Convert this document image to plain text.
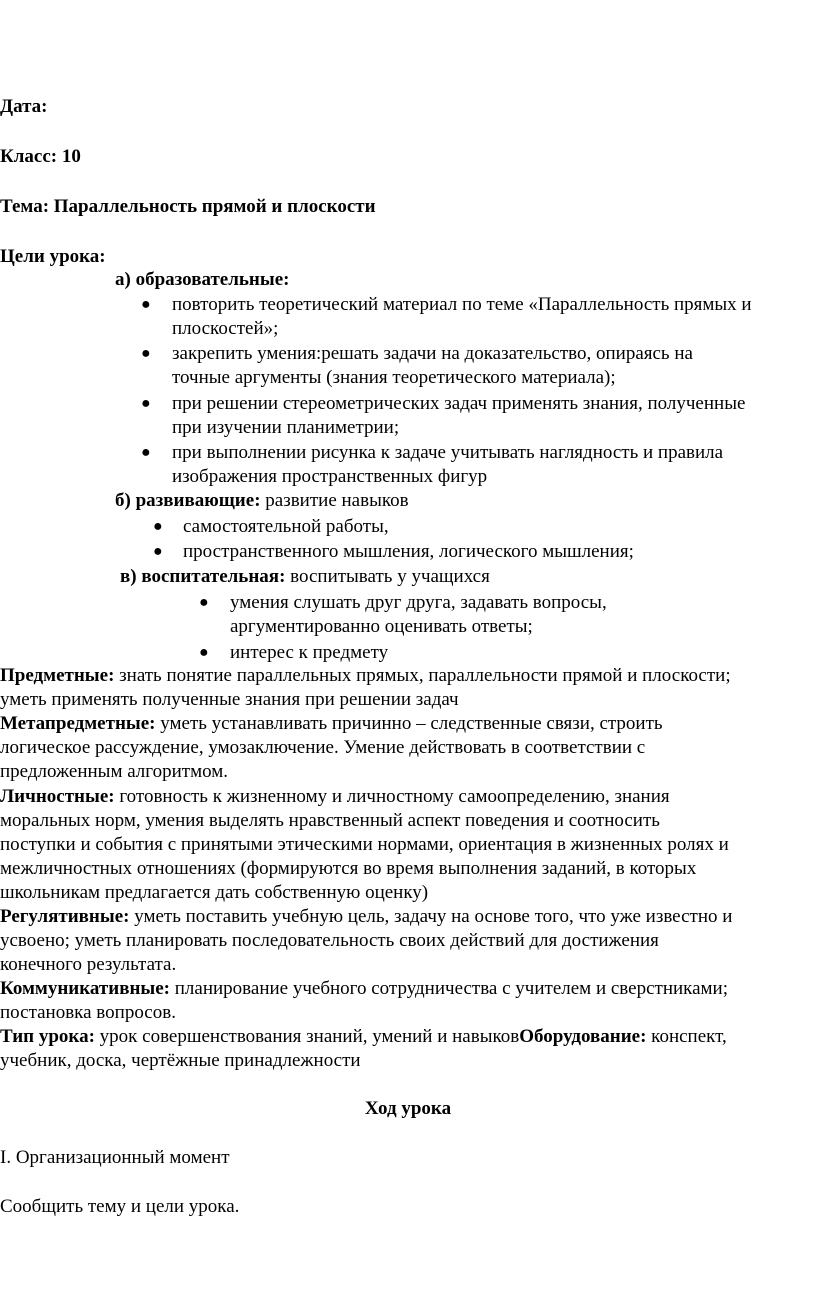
Дата:
Класс: 10
Тема: Параллельность прямой и плоскости
Цели урока:
а) образовательные:
● повторить теоретический материал по теме «Параллельность прямых и
плоскостей»;
● закрепить умения:решать задачи на доказательство, опираясь на
точные аргументы (знания теоретического материала);
● при решении стереометрических задач применять знания, полученные
при изучении планиметрии;
● при выполнении рисунка к задаче учитывать наглядность и правила
изображения пространственных фигур
б) развивающие: развитие навыков
● самостоятельной работы,
● пространственного мышления, логического мышления;
в) воспитательная: воспитывать у учащихся
● умения слушать друг друга, задавать вопросы,
аргументированно оценивать ответы;
● интерес к предмету
Предметные: знать понятие параллельных прямых, параллельности прямой и плоскости;
уметь применять полученные знания при решении задач
Метапредметные: уметь устанавливать причинно – следственные связи, строить
логическое рассуждение, умозаключение. Умение действовать в соответствии с
предложенным алгоритмом.
Личностные: готовность к жизненному и личностному самоопределению, знания
моральных норм, умения выделять нравственный аспект поведения и соотносить
поступки и события с принятыми этическими нормами, ориентация в жизненных ролях и
межличностных отношениях (формируются во время выполнения заданий, в которых
школьникам предлагается дать собственную оценку)
Регулятивные: уметь поставить учебную цель, задачу на основе того, что уже известно и
усвоено; уметь планировать последовательность своих действий для достижения
конечного результата.
Коммуникативные: планирование учебного сотрудничества с учителем и сверстниками;
постановка вопросов.
Тип урока: урок совершенствования знаний, умений и навыковОборудование: конспект,
учебник, доска, чертёжные принадлежности
Ход урока
I. Организационный момент
Сообщить тему и цели урока.
